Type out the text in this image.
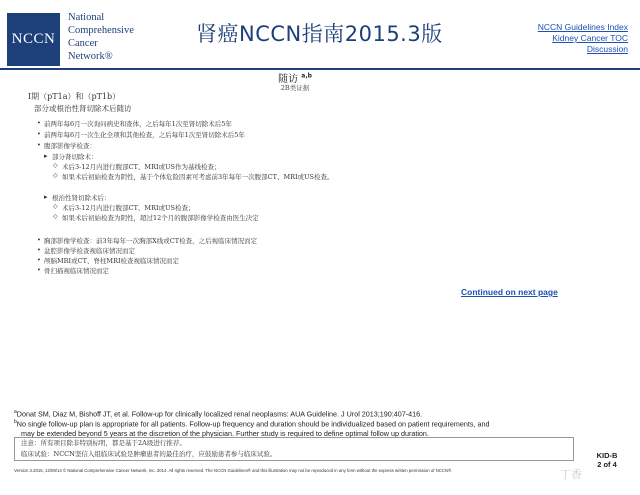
NCCN
National
Comprehensive
Cancer
Network®
肾癌NCCN指南2015.3版	NCCN Guidelines Index
Kidney Cancer TOC
Discussion
随访 $^{a,b}$
2B类证据
I期（pT1a）和（pT1b）
部分或根治性肾切除术后随访
• 前两年每6月一次询问病史和查体，之后每年1次至肾切除术后5年
• 前两年每6月一次生化全项和其他检查，之后每年1次至肾切除术后5年
• 腹部影像学检查：
▸ 部分肾切除术：
◇ 术后3-12月内进行腹部CT、MRI或US作为基线检查；
◇ 如果术后初始检查为阴性，基于个体危险因素可考虑前3年每年一次腹部CT、MRI或US检查。
▸ 根治性肾切除术后：
◇ 术后3-12月内进行腹部CT、MRI或US检查；
◇ 如果术后初始检查为阴性，超过12个月的腹部影像学检查由医生决定
• 胸部影像学检查：前3年每年一次胸部X线或CT检查，之后视临床情况而定
• 盆腔影像学检查视临床情况而定
• 颅脑MRI或CT、脊柱MRI检查视临床情况而定
• 骨扫描视临床情况而定
Continued on next page
$^a$Donat SM, Diaz M, Bishoff JT, et al. Follow-up for clinically localized renal neoplasms: AUA Guideline. J Urol 2013;190:407-416.
$^b$No single follow-up plan is appropriate for all patients. Follow-up frequency and duration should be individualized based on patient requirements, and
may be extended beyond 5 years at the discretion of the physician. Further study is required to define optimal follow up duration.
注意：所有项目除非特别标明，都是基于2A级进行推荐。
临床试验：NCCN坚信入组临床试验是肿瘤患者的最佳治疗，应鼓励患者参与临床试验。	KID-B
2 of 4
Version 3.2015, 12/09/14 © National Comprehensive Cancer Network, Inc. 2014. All rights reserved. The NCCN Guidelines® and this illustration may not be reproduced in any form without the express written permission of NCCN®.	丁香
